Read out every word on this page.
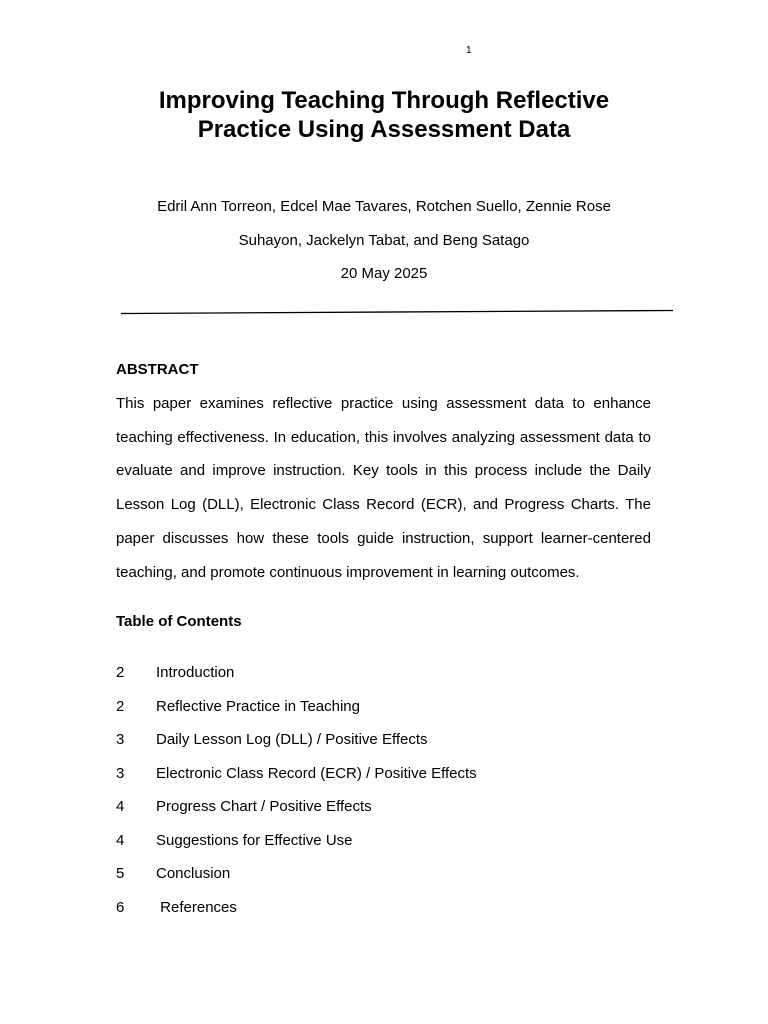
1
Improving Teaching Through Reflective
Practice Using Assessment Data
Edril Ann Torreon, Edcel Mae Tavares, Rotchen Suello, Zennie Rose
Suhayon, Jackelyn Tabat, and Beng Satago
20 May 2025
ABSTRACT

This paper examines reflective practice using assessment data to enhance teaching effectiveness. In education, this involves analyzing assessment data to evaluate and improve instruction. Key tools in this process include the Daily Lesson Log (DLL), Electronic Class Record (ECR), and Progress Charts. The paper discusses how these tools guide instruction, support learner-centered teaching, and promote continuous improvement in learning outcomes.

Table of Contents
2	Introduction
2	Reflective Practice in Teaching
3	Daily Lesson Log (DLL) / Positive Effects
3	Electronic Class Record (ECR) / Positive Effects
4	Progress Chart / Positive Effects
4	Suggestions for Effective Use
5	Conclusion
6	References
